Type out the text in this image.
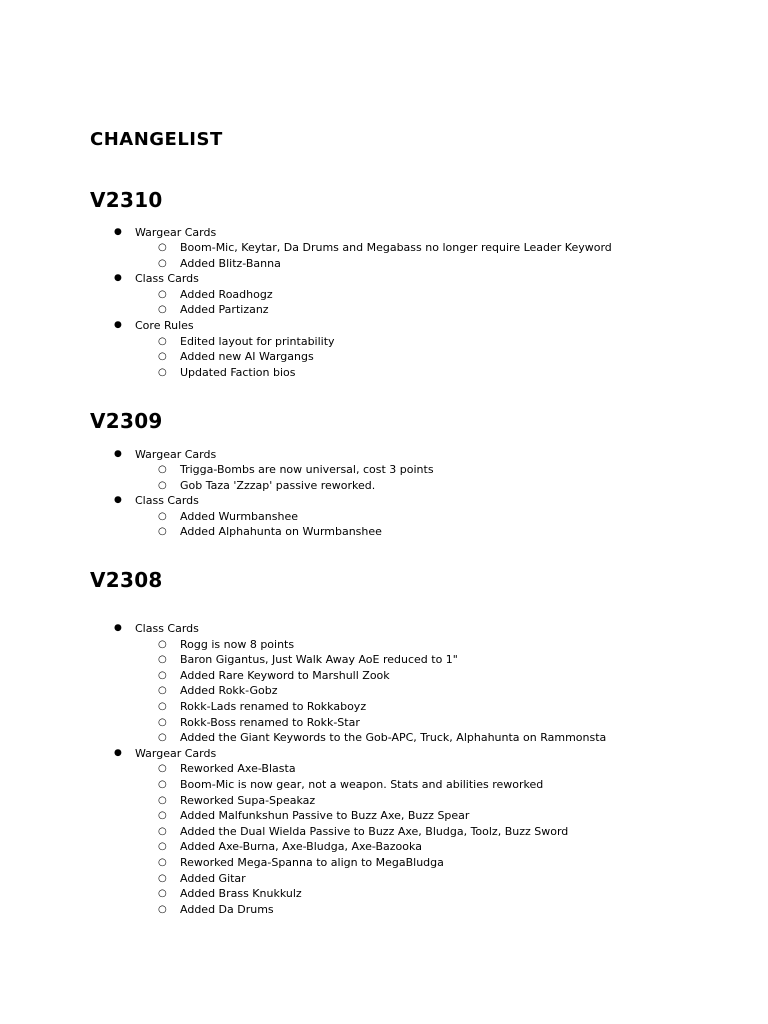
changelist
V2310
● Wargear Cards
○ Boom-Mic, Keytar, Da Drums and Megabass no longer require Leader Keyword
○ Added Blitz-Banna
● Class Cards
○ Added Roadhogz
○ Added Partizanz
● Core Rules
○ Edited layout for printability
○ Added new AI Wargangs
○ Updated Faction bios
V2309
● Wargear Cards
○ Trigga-Bombs are now universal, cost 3 points
○ Gob Taza 'Zzzap' passive reworked.
● Class Cards
○ Added Wurmbanshee
○ Added Alphahunta on Wurmbanshee
V2308
● Class Cards
○ Rogg is now 8 points
○ Baron Gigantus, Just Walk Away AoE reduced to 1"
○ Added Rare Keyword to Marshull Zook
○ Added Rokk-Gobz
○ Rokk-Lads renamed to Rokkaboyz
○ Rokk-Boss renamed to Rokk-Star
○ Added the Giant Keywords to the Gob-APC, Truck, Alphahunta on Rammonsta
● Wargear Cards
○ Reworked Axe-Blasta
○ Boom-Mic is now gear, not a weapon. Stats and abilities reworked
○ Reworked Supa-Speakaz
○ Added Malfunkshun Passive to Buzz Axe, Buzz Spear
○ Added the Dual Wielda Passive to Buzz Axe, Bludga, Toolz, Buzz Sword
○ Added Axe-Burna, Axe-Bludga, Axe-Bazooka
○ Reworked Mega-Spanna to align to MegaBludga
○ Added Gitar
○ Added Brass Knukkulz
○ Added Da Drums
